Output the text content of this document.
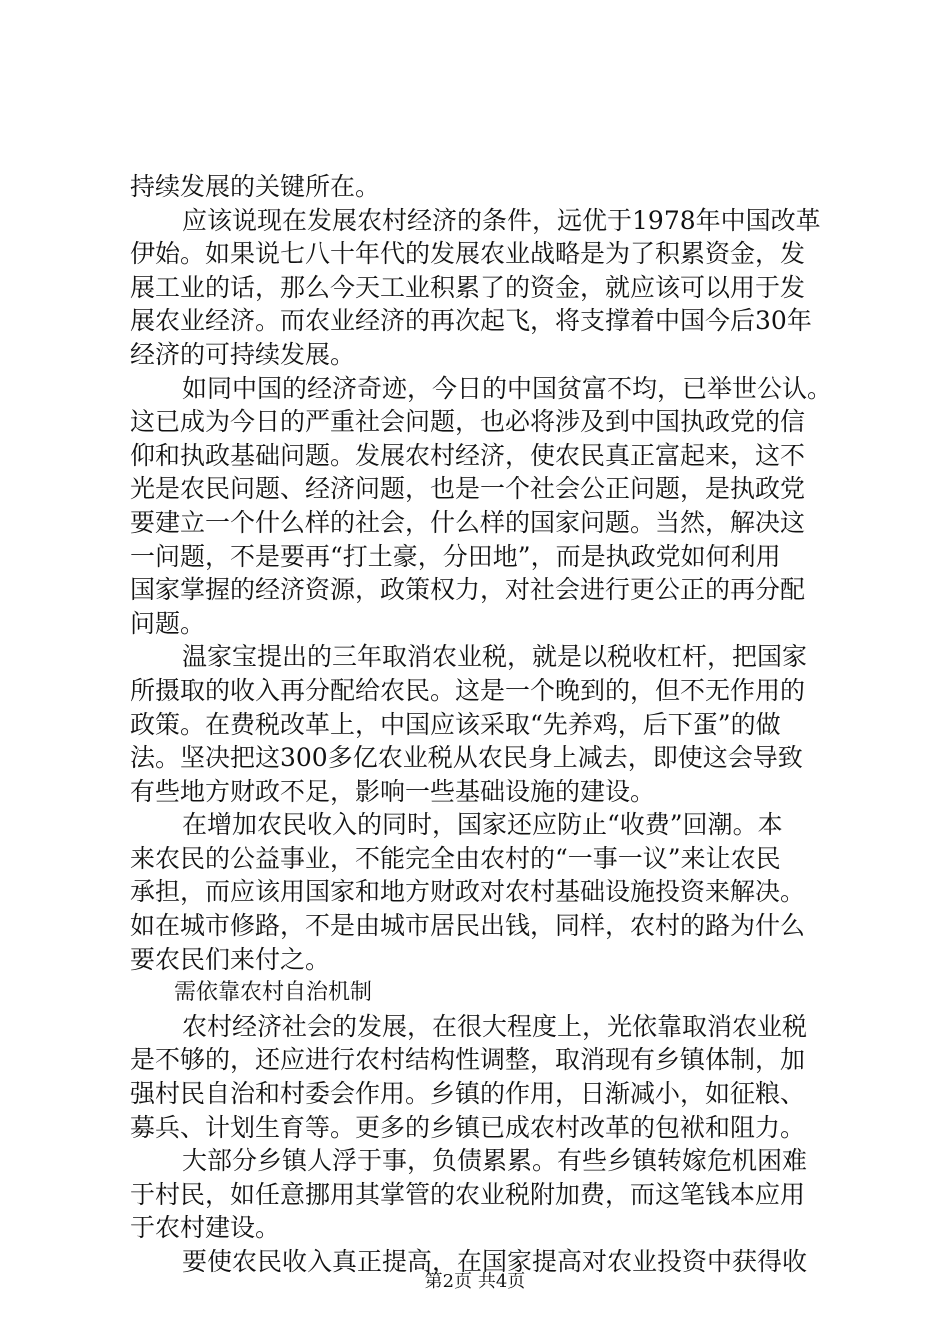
持续发展的关键所在。
应该说现在发展农村经济的条件，远优于1978年中国改革
伊始。如果说七八十年代的发展农业战略是为了积累资金，发
展工业的话，那么今天工业积累了的资金，就应该可以用于发
展农业经济。而农业经济的再次起飞，将支撑着中国今后30年
经济的可持续发展。
如同中国的经济奇迹，今日的中国贫富不均，已举世公认。
这已成为今日的严重社会问题，也必将涉及到中国执政党的信
仰和执政基础问题。发展农村经济，使农民真正富起来，这不
光是农民问题、经济问题，也是一个社会公正问题，是执政党
要建立一个什么样的社会，什么样的国家问题。当然，解决这
一问题，不是要再“打土豪，分田地”，而是执政党如何利用
国家掌握的经济资源，政策权力，对社会进行更公正的再分配
问题。
温家宝提出的三年取消农业税，就是以税收杠杆，把国家
所摄取的收入再分配给农民。这是一个晚到的，但不无作用的
政策。在费税改革上，中国应该采取“先养鸡，后下蛋”的做
法。坚决把这300多亿农业税从农民身上减去，即使这会导致
有些地方财政不足，影响一些基础设施的建设。
在增加农民收入的同时，国家还应防止“收费”回潮。本
来农民的公益事业，不能完全由农村的“一事一议”来让农民
承担，而应该用国家和地方财政对农村基础设施投资来解决。
如在城市修路，不是由城市居民出钱，同样，农村的路为什么
要农民们来付之。
需依靠农村自治机制
农村经济社会的发展，在很大程度上，光依靠取消农业税
是不够的，还应进行农村结构性调整，取消现有乡镇体制，加
强村民自治和村委会作用。乡镇的作用，日渐减小，如征粮、
募兵、计划生育等。更多的乡镇已成农村改革的包袱和阻力。
大部分乡镇人浮于事，负债累累。有些乡镇转嫁危机困难
于村民，如任意挪用其掌管的农业税附加费，而这笔钱本应用
于农村建设。
要使农民收入真正提高，在国家提高对农业投资中获得收
第2页 共4页
